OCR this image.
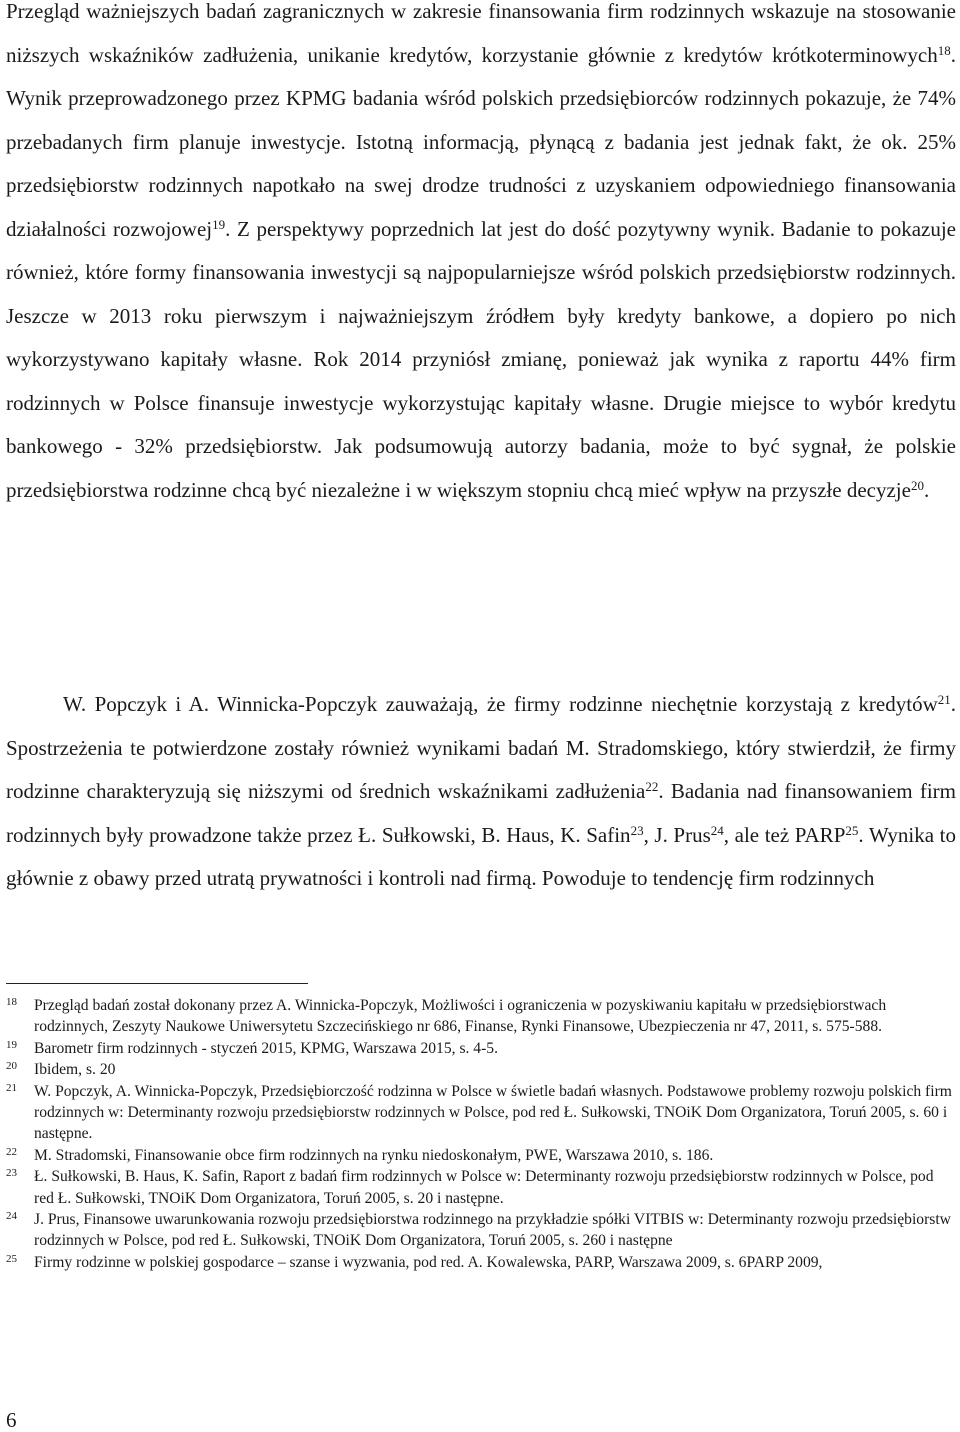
Przegląd ważniejszych badań zagranicznych w zakresie finansowania firm rodzinnych wskazuje na stosowanie niższych wskaźników zadłużenia, unikanie kredytów, korzystanie głównie z kredytów krótkoterminowych$^{18}$. Wynik przeprowadzonego przez KPMG badania wśród polskich przedsiębiorców rodzinnych pokazuje, że 74% przebadanych firm planuje inwestycje. Istotną informacją, płynącą z badania jest jednak fakt, że ok. 25% przedsiębiorstw rodzinnych napotkało na swej drodze trudności z uzyskaniem odpowiedniego finansowania działalności rozwojowej$^{19}$. Z perspektywy poprzednich lat jest do dość pozytywny wynik. Badanie to pokazuje również, które formy finansowania inwestycji są najpopularniejsze wśród polskich przedsiębiorstw rodzinnych. Jeszcze w 2013 roku pierwszym i najważniejszym źródłem były kredyty bankowe, a dopiero po nich wykorzystywano kapitały własne. Rok 2014 przyniósł zmianę, ponieważ jak wynika z raportu 44% firm rodzinnych w Polsce finansuje inwestycje wykorzystując kapitały własne. Drugie miejsce to wybór kredytu bankowego - 32% przedsiębiorstw. Jak podsumowują autorzy badania, może to być sygnał, że polskie przedsiębiorstwa rodzinne chcą być niezależne i w większym stopniu chcą mieć wpływ na przyszłe decyzje$^{20}$.

W. Popczyk i A. Winnicka-Popczyk zauważają, że firmy rodzinne niechętnie korzystają z kredytów$^{21}$. Spostrzeżenia te potwierdzone zostały również wynikami badań M. Stradomskiego, który stwierdził, że firmy rodzinne charakteryzują się niższymi od średnich wskaźnikami zadłużenia$^{22}$. Badania nad finansowaniem firm rodzinnych były prowadzone także przez Ł. Sułkowski, B. Haus, K. Safin$^{23}$, J. Prus$^{24}$, ale też PARP$^{25}$. Wynika to głównie z obawy przed utratą prywatności i kontroli nad firmą. Powoduje to tendencję firm rodzinnych

$^{18}$ Przegląd badań został dokonany przez A. Winnicka-Popczyk, Możliwości i ograniczenia w pozyskiwaniu kapitału w przedsiębiorstwach rodzinnych, Zeszyty Naukowe Uniwersytetu Szczecińskiego nr 686, Finanse, Rynki Finansowe, Ubezpieczenia nr 47, 2011, s. 575-588.

$^{19}$ Barometr firm rodzinnych - styczeń 2015, KPMG, Warszawa 2015, s. 4-5.

$^{20}$ Ibidem, s. 20

$^{21}$ W. Popczyk, A. Winnicka-Popczyk, Przedsiębiorczość rodzinna w Polsce w świetle badań własnych. Podstawowe problemy rozwoju polskich firm rodzinnych w: Determinanty rozwoju przedsiębiorstw rodzinnych w Polsce, pod red Ł. Sułkowski, TNOiK Dom Organizatora, Toruń 2005, s. 60 i następne.

$^{22}$ M. Stradomski, Finansowanie obce firm rodzinnych na rynku niedoskonałym, PWE, Warszawa 2010, s. 186.

$^{23}$ Ł. Sułkowski, B. Haus, K. Safin, Raport z badań firm rodzinnych w Polsce w: Determinanty rozwoju przedsiębiorstw rodzinnych w Polsce, pod red Ł. Sułkowski, TNOiK Dom Organizatora, Toruń 2005, s. 20 i następne.

$^{24}$ J. Prus, Finansowe uwarunkowania rozwoju przedsiębiorstwa rodzinnego na przykładzie spółki VITBIS w: Determinanty rozwoju przedsiębiorstw rodzinnych w Polsce, pod red Ł. Sułkowski, TNOiK Dom Organizatora, Toruń 2005, s. 260 i następne

$^{25}$ Firmy rodzinne w polskiej gospodarce – szanse i wyzwania, pod red. A. Kowalewska, PARP, Warszawa 2009, s. 6PARP 2009,

6
